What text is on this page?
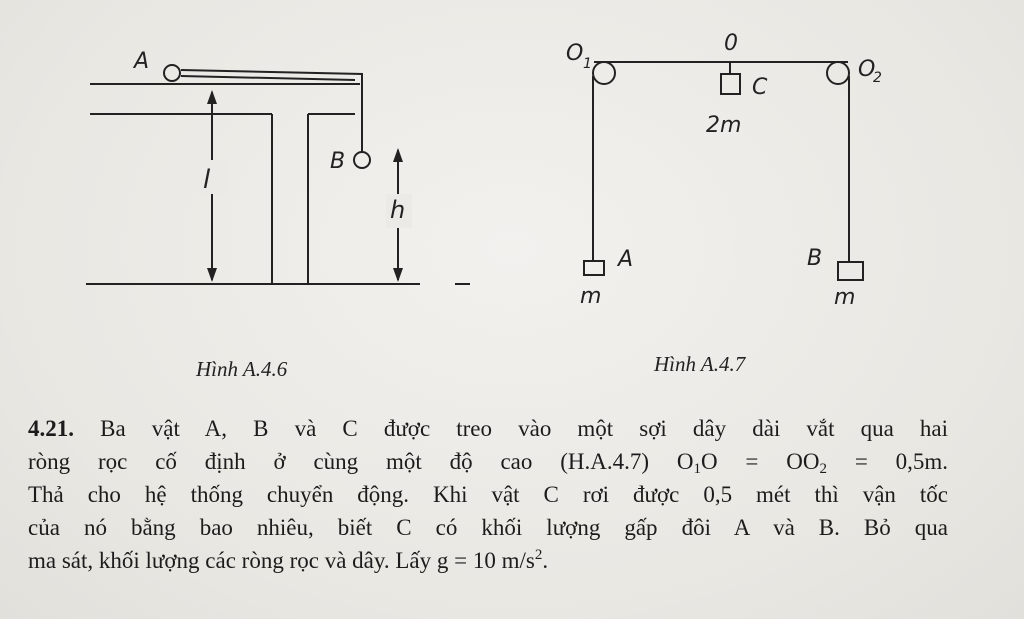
A
B
l
h
O 1
0
O
2
C
2m
A
m
B
m
Hình A.4.6	Hình A.4.7
4.21. Ba vật A, B và C được treo vào một sợi dây dài vắt qua hai
ròng rọc cố định ở cùng một độ cao (H.A.4.7) $O_1O = OO_2 = 0,5m$.
Thả cho hệ thống chuyển động. Khi vật C rơi được 0,5 mét thì vận tốc
của nó bằng bao nhiêu, biết C có khối lượng gấp đôi A và B. Bỏ qua
ma sát, khối lượng các ròng rọc và dây. Lấy g = 10 $m/s^2$.
